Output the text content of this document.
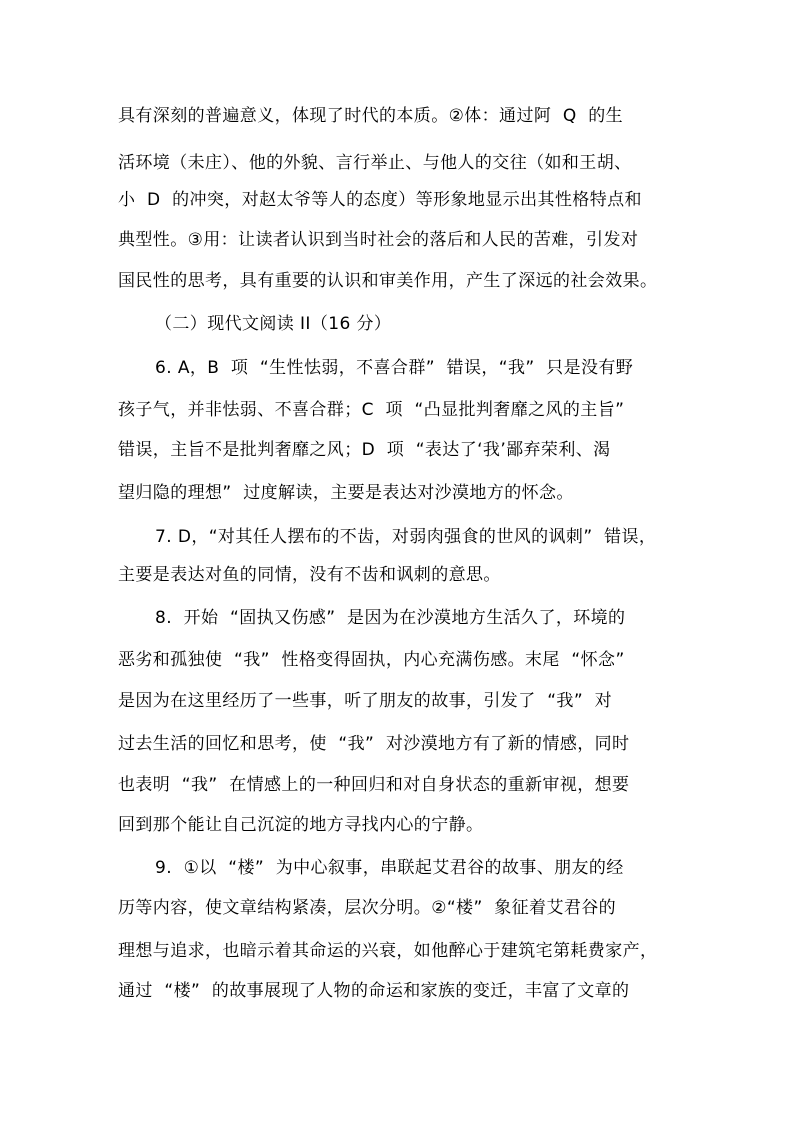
具有深刻的普遍意义，体现了时代的本质。②体：通过阿  Q  的生
活环境（未庄）、他的外貌、言行举止、与他人的交往（如和王胡、
小  D  的冲突，对赵太爷等人的态度）等形象地显示出其性格特点和
典型性。③用：让读者认识到当时社会的落后和人民的苦难，引发对
国民性的思考，具有重要的认识和审美作用，产生了深远的社会效果。
（二）现代文阅读 II（16 分）
6. A，B  项  “生性怯弱，不喜合群”  错误，“我”  只是没有野
孩子气，并非怯弱、不喜合群；C  项  “凸显批判奢靡之风的主旨”
错误，主旨不是批判奢靡之风；D  项  “表达了‘我’鄙弃荣利、渴
望归隐的理想”  过度解读，主要是表达对沙漠地方的怀念。
7. D，“对其任人摆布的不齿，对弱肉强食的世风的讽刺”  错误，
主要是表达对鱼的同情，没有不齿和讽刺的意思。
8.  开始  “固执又伤感”  是因为在沙漠地方生活久了，环境的
恶劣和孤独使  “我”  性格变得固执，内心充满伤感。末尾  “怀念”
是因为在这里经历了一些事，听了朋友的故事，引发了  “我”  对
过去生活的回忆和思考，使  “我”  对沙漠地方有了新的情感，同时
也表明  “我”  在情感上的一种回归和对自身状态的重新审视，想要
回到那个能让自己沉淀的地方寻找内心的宁静。
9.  ①以  “楼”  为中心叙事，串联起艾君谷的故事、朋友的经
历等内容，使文章结构紧凑，层次分明。②“楼”  象征着艾君谷的
理想与追求，也暗示着其命运的兴衰，如他醉心于建筑宅第耗费家产，
通过  “楼”  的故事展现了人物的命运和家族的变迁，丰富了文章的
